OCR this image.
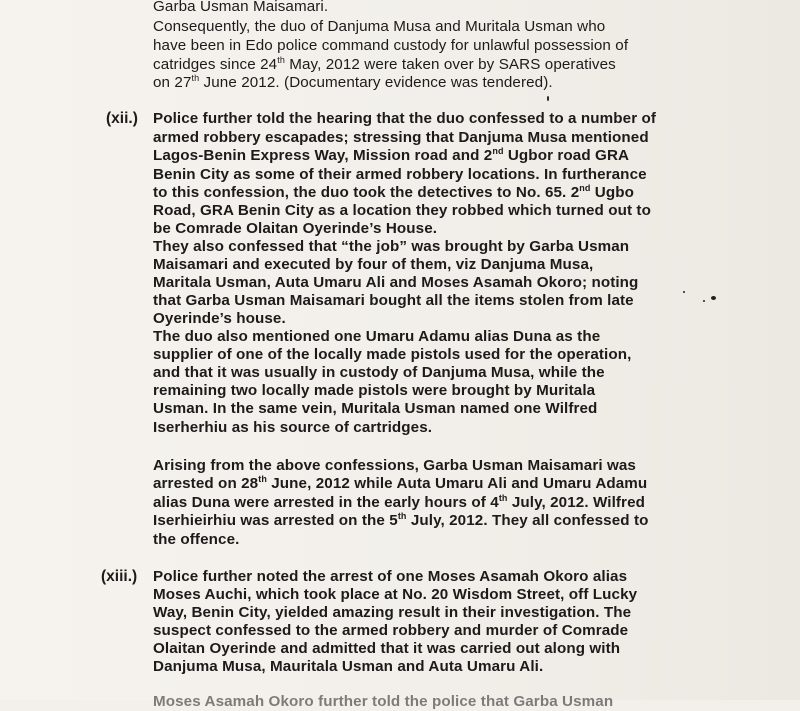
Garba Usman Maisamari.
Consequently, the duo of Danjuma Musa and Muritala Usman who
have been in Edo police command custody for unlawful possession of
catridges since 24th May, 2012 were taken over by SARS operatives
on 27th June 2012. (Documentary evidence was tendered).
(xii.) Police further told the hearing that the duo confessed to a number of
armed robbery escapades; stressing that Danjuma Musa mentioned
Lagos-Benin Express Way, Mission road and 2nd Ugbor road GRA
Benin City as some of their armed robbery locations. In furtherance
to this confession, the duo took the detectives to No. 65. 2nd Ugbo
Road, GRA Benin City as a location they robbed which turned out to
be Comrade Olaitan Oyerinde’s House.
They also confessed that “the job” was brought by Garba Usman
Maisamari and executed by four of them, viz Danjuma Musa,
Maritala Usman, Auta Umaru Ali and Moses Asamah Okoro; noting
that Garba Usman Maisamari bought all the items stolen from late
Oyerinde’s house.
The duo also mentioned one Umaru Adamu alias Duna as the
supplier of one of the locally made pistols used for the operation,
and that it was usually in custody of Danjuma Musa, while the
remaining two locally made pistols were brought by Muritala
Usman. In the same vein, Muritala Usman named one Wilfred
Iserherhiu as his source of cartridges.
Arising from the above confessions, Garba Usman Maisamari was
arrested on 28th June, 2012 while Auta Umaru Ali and Umaru Adamu
alias Duna were arrested in the early hours of 4th July, 2012. Wilfred
Iserhieirhiu was arrested on the 5th July, 2012. They all confessed to
the offence.
(xiii.) Police further noted the arrest of one Moses Asamah Okoro alias
Moses Auchi, which took place at No. 20 Wisdom Street, off Lucky
Way, Benin City, yielded amazing result in their investigation. The
suspect confessed to the armed robbery and murder of Comrade
Olaitan Oyerinde and admitted that it was carried out along with
Danjuma Musa, Mauritala Usman and Auta Umaru Ali.
Moses Asamah Okoro further told the police that Garba Usman
